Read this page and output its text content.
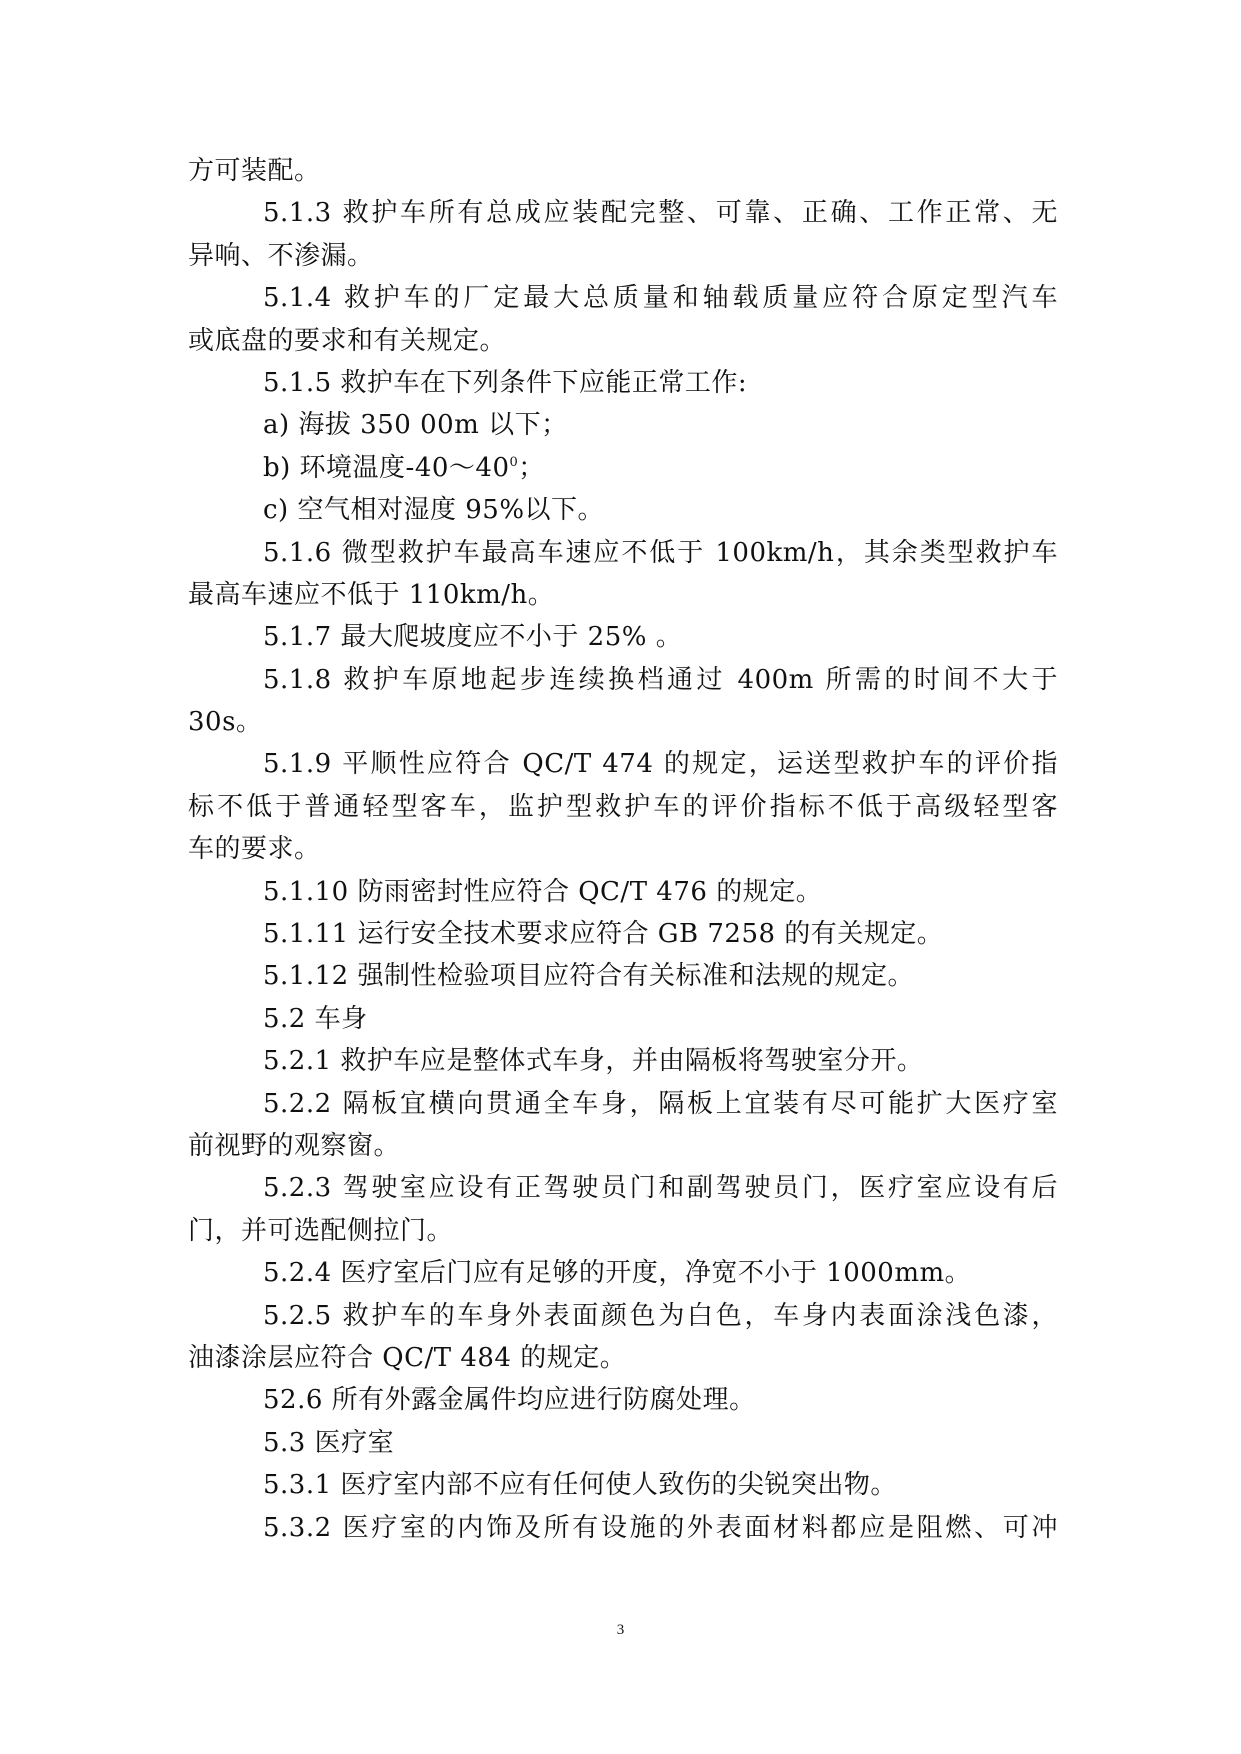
方可装配。
5.1.3 救护车所有总成应装配完整、可靠、正确、工作正常、无
异响、不渗漏。
5.1.4 救护车的厂定最大总质量和轴载质量应符合原定型汽车
或底盘的要求和有关规定。
5.1.5 救护车在下列条件下应能正常工作:
a) 海拔 350 00m 以下；
b) 环境温度$-40\sim 40^0$；
c) 空气相对湿度 95%以下。
5.1.6 微型救护车最高车速应不低于 100km/h，其余类型救护车
最高车速应不低于 110km/h。
5.1.7 最大爬坡度应不小于 25% 。
5.1.8 救护车原地起步连续换档通过 400m 所需的时间不大于
30s。
5.1.9 平顺性应符合 QC/T 474 的规定，运送型救护车的评价指
标不低于普通轻型客车，监护型救护车的评价指标不低于高级轻型客
车的要求。
5.1.10 防雨密封性应符合 QC/T 476 的规定。
5.1.11 运行安全技术要求应符合 GB 7258 的有关规定。
5.1.12 强制性检验项目应符合有关标准和法规的规定。
5.2 车身
5.2.1 救护车应是整体式车身，并由隔板将驾驶室分开。
5.2.2 隔板宜横向贯通全车身，隔板上宜装有尽可能扩大医疗室
前视野的观察窗。
5.2.3 驾驶室应设有正驾驶员门和副驾驶员门，医疗室应设有后
门，并可选配侧拉门。
5.2.4 医疗室后门应有足够的开度，净宽不小于 1000mm。
5.2.5 救护车的车身外表面颜色为白色，车身内表面涂浅色漆，
油漆涂层应符合 QC/T 484 的规定。
52.6 所有外露金属件均应进行防腐处理。
5.3 医疗室
5.3.1 医疗室内部不应有任何使人致伤的尖锐突出物。
5.3.2 医疗室的内饰及所有设施的外表面材料都应是阻燃、可冲
3
